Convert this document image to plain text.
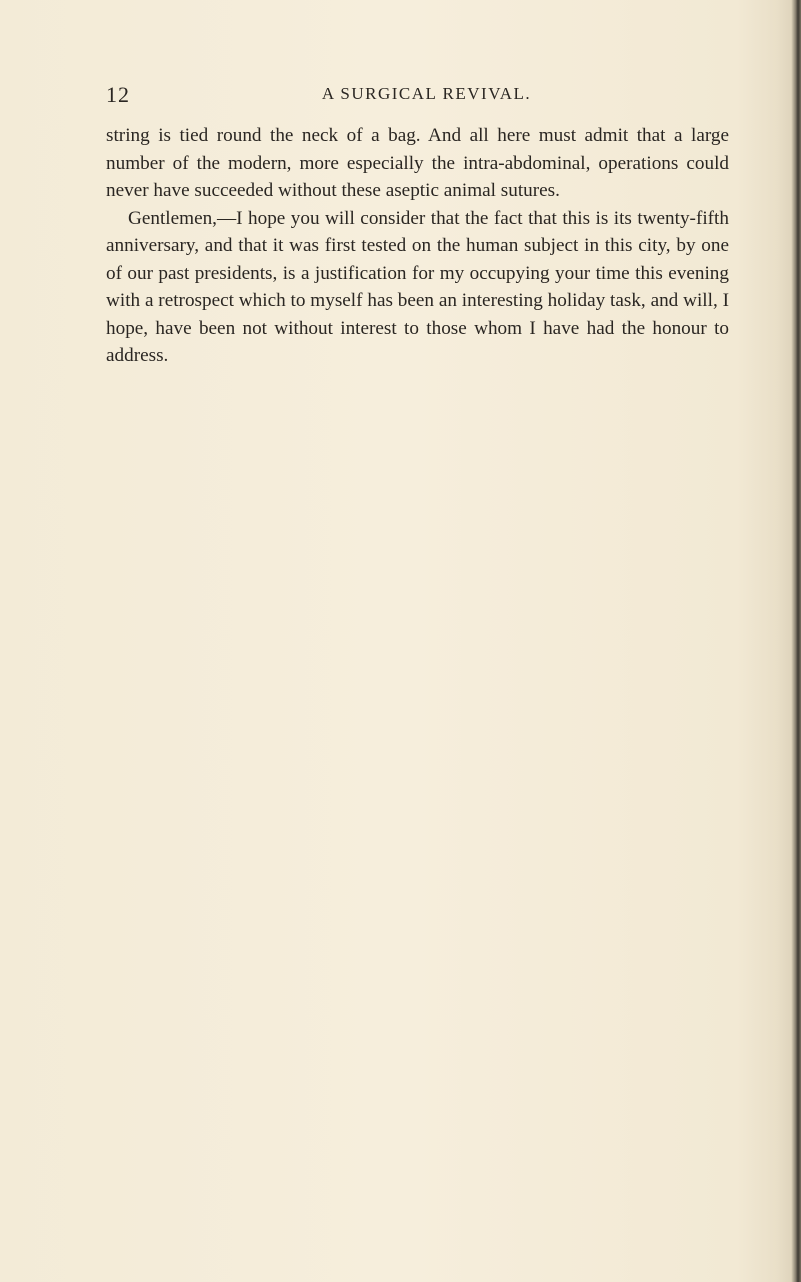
12	A SURGICAL REVIVAL.

string is tied round the neck of a bag. And all here must admit that a large number of the modern, more especially the intra-abdominal, operations could never have succeeded without these aseptic animal sutures.

Gentlemen,—I hope you will consider that the fact that this is its twenty-fifth anniversary, and that it was first tested on the human subject in this city, by one of our past presidents, is a justification for my occupying your time this evening with a retrospect which to myself has been an interesting holiday task, and will, I hope, have been not without interest to those whom I have had the honour to address.
